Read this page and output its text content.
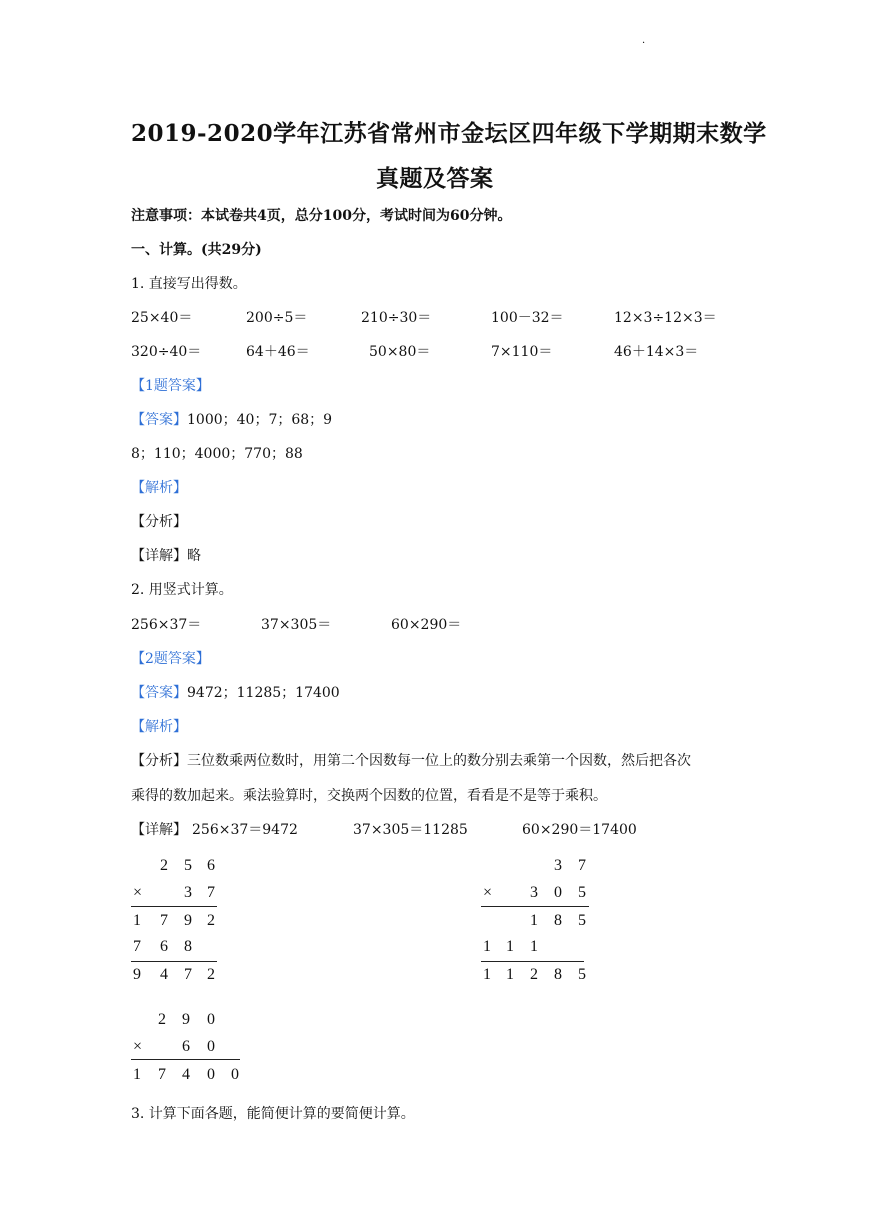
·
2019-2020学年江苏省常州市金坛区四年级下学期期末数学
真题及答案
注意事项：本试卷共4页，总分100分，考试时间为60分钟。
一、计算。(共29分)
1. 直接写出得数。
25×40＝	200÷5＝	210÷30＝	100－32＝	12×3÷12×3＝
320÷40＝	64＋46＝	50×80＝	7×110＝	46＋14×3＝
【1题答案】
【答案】1000；40；7；68；9
8；110；4000；770；88
【解析】
【分析】
【详解】略
2. 用竖式计算。
256×37＝	37×305＝	60×290＝
【2题答案】
【答案】9472；11285；17400
【解析】
【分析】三位数乘两位数时，用第二个因数每一位上的数分别去乘第一个因数，然后把各次
乘得的数加起来。乘法验算时，交换两个因数的位置，看看是不是等于乘积。
【详解】 256×37＝9472	37×305＝11285	60×290＝17400
2 5 6
×	3 7
1 7 9 2
7 6 8
9 4 7 2
3 7
× 3 0 5
1 8 5
1 1 1
1 1 2 8 5
2 9 0
× 6 0
1 7 4 0 0
3. 计算下面各题，能简便计算的要简便计算。
